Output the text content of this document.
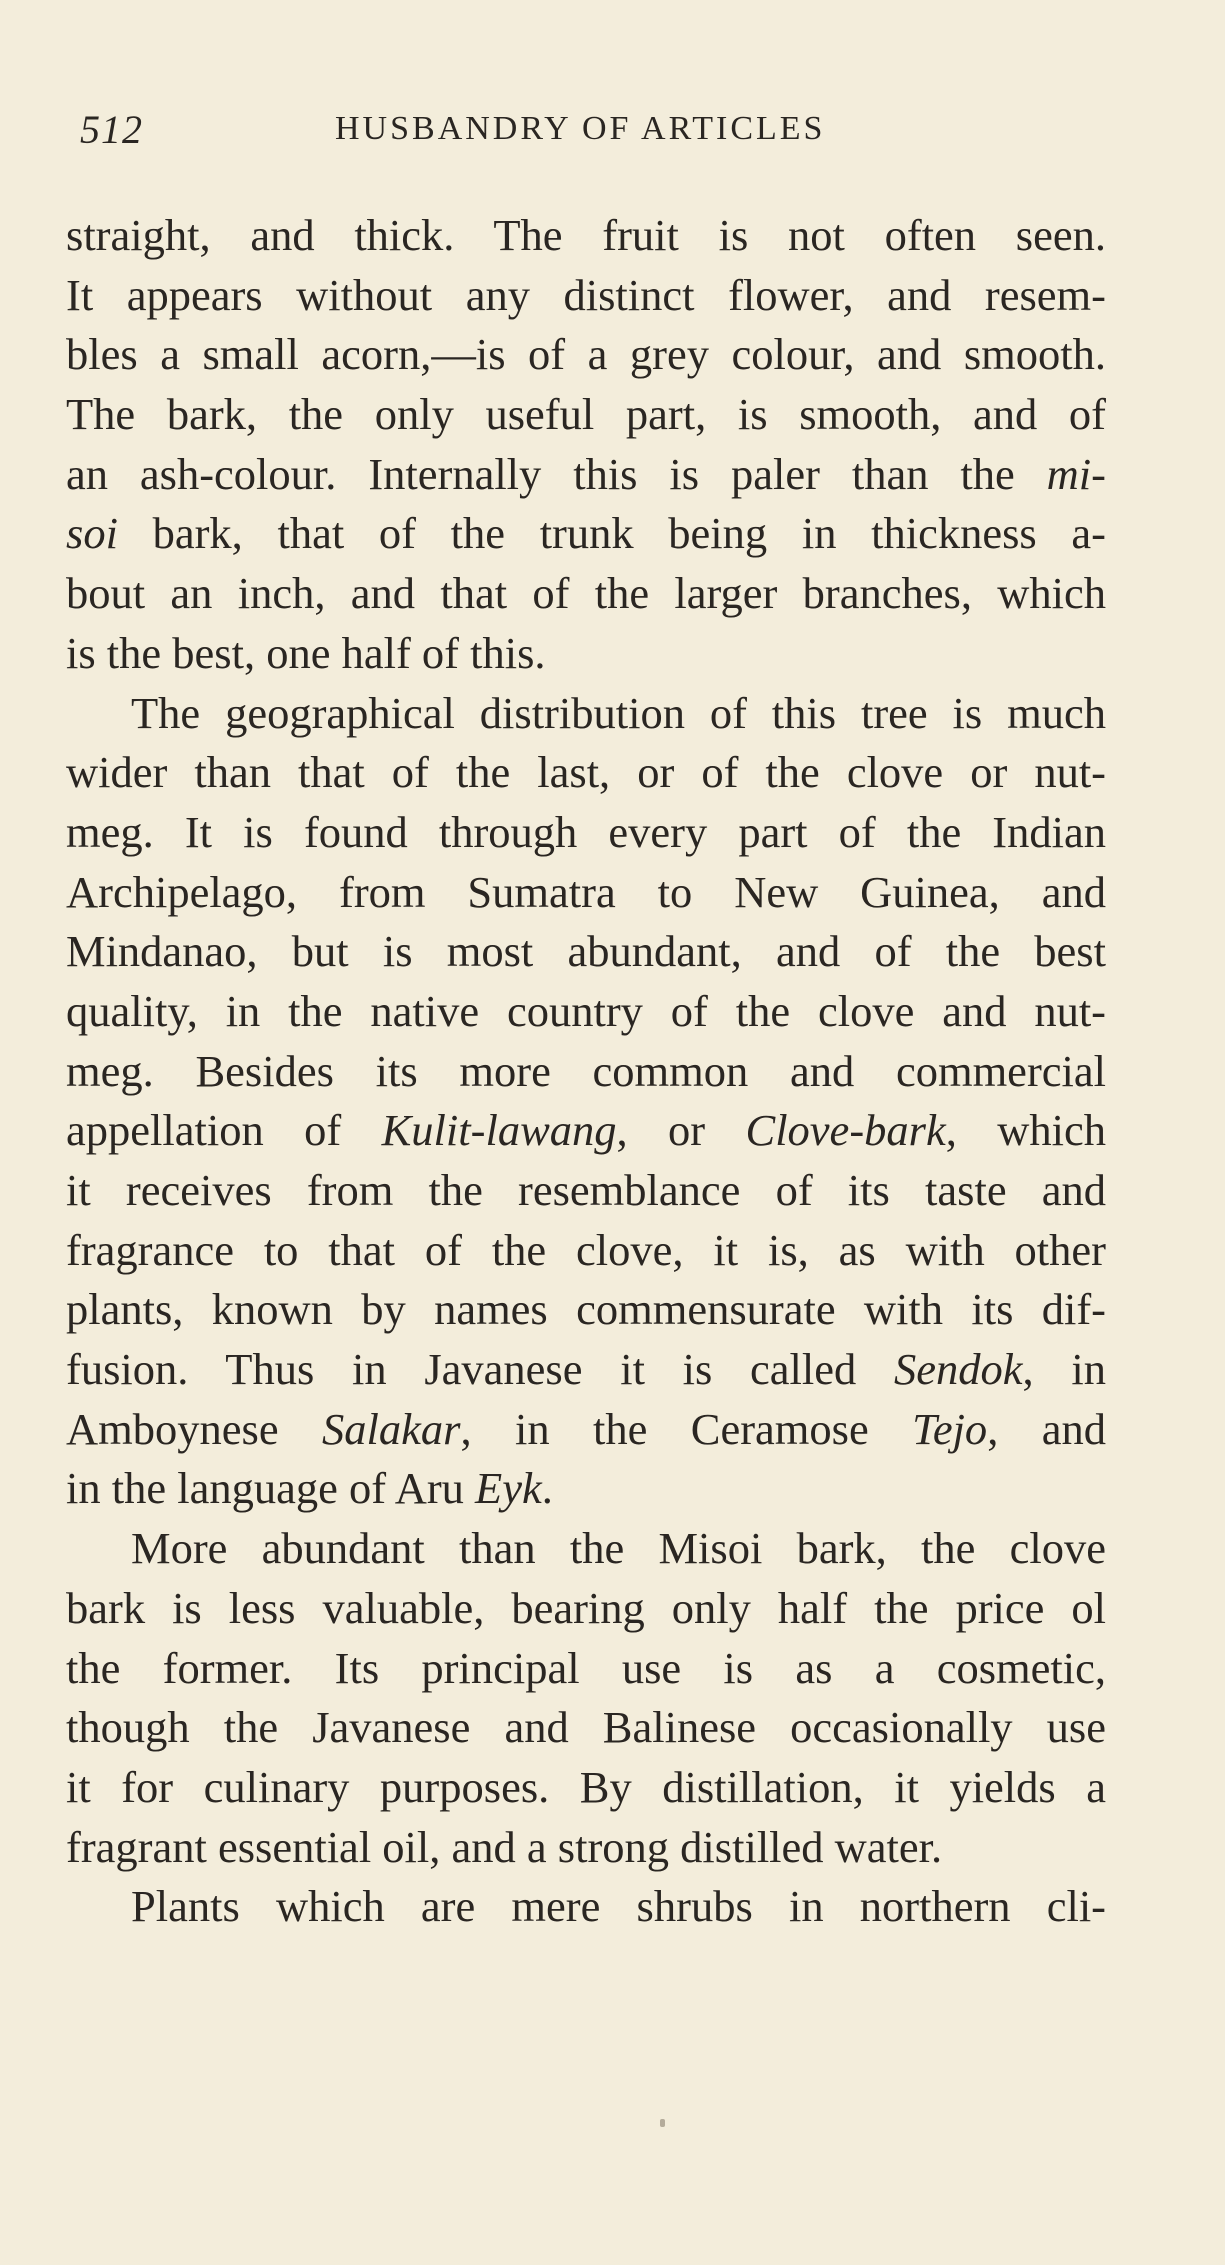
512	HUSBANDRY OF ARTICLES
straight, and thick. The fruit is not often seen.
It appears without any distinct flower, and resem-
bles a small acorn,—is of a grey colour, and smooth.
The bark, the only useful part, is smooth, and of
an ash-colour. Internally this is paler than the mi-
soi bark, that of the trunk being in thickness a-
bout an inch, and that of the larger branches, which
is the best, one half of this.
The geographical distribution of this tree is much
wider than that of the last, or of the clove or nut-
meg. It is found through every part of the Indian
Archipelago, from Sumatra to New Guinea, and
Mindanao, but is most abundant, and of the best
quality, in the native country of the clove and nut-
meg. Besides its more common and commercial
appellation of Kulit-lawang, or Clove-bark, which
it receives from the resemblance of its taste and
fragrance to that of the clove, it is, as with other
plants, known by names commensurate with its dif-
fusion. Thus in Javanese it is called Sendok, in
Amboynese Salakar, in the Ceramose Tejo, and
in the language of Aru Eyk.
More abundant than the Misoi bark, the clove
bark is less valuable, bearing only half the price ol
the former. Its principal use is as a cosmetic,
though the Javanese and Balinese occasionally use
it for culinary purposes. By distillation, it yields a
fragrant essential oil, and a strong distilled water.
Plants which are mere shrubs in northern cli-
